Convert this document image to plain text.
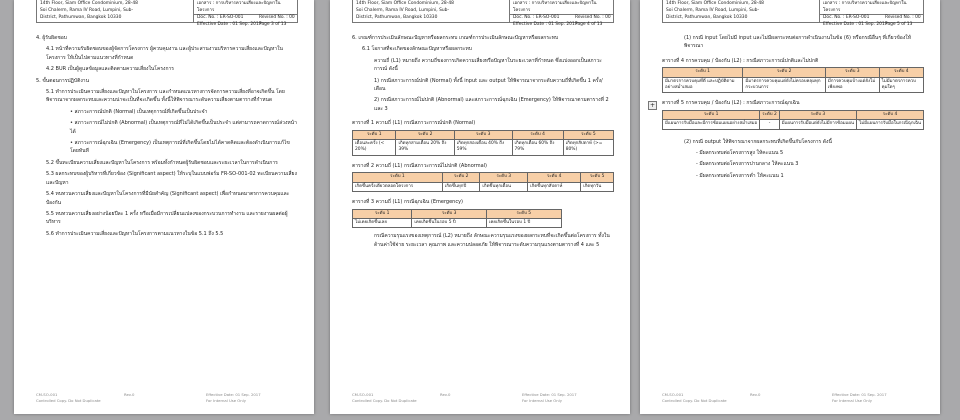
14th Floor, Siam Office Condominium, 28-48
Soi Chalerm, Rama IV Road, Lumpini, Sub-
District, Pathumwan, Bangkok 10330
เอกสาร : การบริหารความเสี่ยงและปัญหาในโครงการ
Doc. No. : ER-SO-001
Effective Date : 01 Sep. 2017
Revised No. : 00
Page 3 of 13

4. ผู้รับผิดชอบ

4.1 หน้าที่ความรับผิดชอบของผู้จัดการโครงการ ผู้ควบคุมงาน และผู้ประสานงานบริหารความเสี่ยงและปัญหาในโครงการ ให้เป็นไปตามแนวทางที่กำหนด

4.2 BUR เป็นผู้ดูแลข้อมูลและติดตามความเสี่ยงในโครงการ

5. ขั้นตอนการปฏิบัติงาน

5.1 ทำการประเมินความเสี่ยงและปัญหาในโครงการ และกำหนดแนวทางการจัดการความเสี่ยงที่อาจเกิดขึ้น โดยพิจารณาจากผลกระทบและความน่าจะเป็นที่จะเกิดขึ้น ทั้งนี้ให้พิจารณาระดับความเสี่ยงตามตารางที่กำหนด

• สภาวะการณ์ปกติ (Normal) เป็นเหตุการณ์ที่เกิดขึ้นเป็นประจำ

• สภาวะการณ์ไม่ปกติ (Abnormal) เป็นเหตุการณ์ที่ไม่ได้เกิดขึ้นเป็นประจำ แต่สามารถคาดการณ์ล่วงหน้าได้

• สภาวะการณ์ฉุกเฉิน (Emergency) เป็นเหตุการณ์ที่เกิดขึ้นโดยไม่ได้คาดคิดและต้องดำเนินการแก้ไขโดยทันที

5.2 ขึ้นทะเบียนความเสี่ยงและปัญหาในโครงการ พร้อมทั้งกำหนดผู้รับผิดชอบและระยะเวลาในการดำเนินการ

5.3 ผลกระทบของผู้บริหารที่เกี่ยวข้อง (Significant aspect) ให้ระบุในแบบฟอร์ม FR-SO-001-02 ทะเบียนความเสี่ยงและปัญหา

5.4 ทบทวนความเสี่ยงและปัญหาในโครงการที่มีนัยสำคัญ (Significant aspect) เพื่อกำหนดมาตรการควบคุมและป้องกัน

5.5 ทบทวนความเสี่ยงอย่างน้อยปีละ 1 ครั้ง หรือเมื่อมีการเปลี่ยนแปลงของกระบวนการทำงาน และรายงานผลต่อผู้บริหาร

5.6 ทำการประเมินความเสี่ยงและปัญหาในโครงการตามแนวทางในข้อ 5.1 ถึง 5.5

CM-SO-001
Controlled Copy. Do Not Duplicate
Rev.0	Effective Date: 01 Sep. 2017
For Internal Use Only
14th Floor, Siam Office Condominium, 28-48
Soi Chalerm, Rama IV Road, Lumpini, Sub-
District, Pathumwan, Bangkok 10330
เอกสาร : การบริหารความเสี่ยงและปัญหาในโครงการ
Doc. No. : ER-SO-001
Effective Date : 01 Sep. 2017
Revised No. : 00
Page 4 of 13

6. เกณฑ์การประเมินลักษณะปัญหาหรือผลกระทบ เกณฑ์การประเมินลักษณะปัญหาหรือผลกระทบ

6.1 โอกาสที่จะเกิดของลักษณะปัญหาหรือผลกระทบ

ความถี่ (L1) หมายถึง ความถี่ของการเกิดความเสี่ยงหรือปัญหาในระยะเวลาที่กำหนด ซึ่งแบ่งออกเป็นสภาวะการณ์ ดังนี้

1) กรณีสภาวะการณ์ปกติ (Normal) ทั้งนี้ input และ output ให้พิจารณาจากระดับความถี่ที่เกิดขึ้น 1 ครั้ง/เดือน

2) กรณีสภาวะการณ์ไม่ปกติ (Abnormal) และสภาวะการณ์ฉุกเฉิน (Emergency) ให้พิจารณาตามตารางที่ 2 และ 3

ตารางที่ 1 ความถี่ (L1) กรณีสภาวะการณ์ปกติ (Normal)
ระดับ 1	ระดับ 2	ระดับ 3	ระดับ 4	ระดับ 5
เดือนละครั้ง (< 20%)	เกิดทุกสามเดือน 20% ถึง 39%	เกิดทุกสองเดือน 40% ถึง 59%	เกิดทุกเดือน 60% ถึง 79%	เกิดทุกสัปดาห์ (>= 80%)
ตารางที่ 2 ความถี่ (L1) กรณีสภาวะการณ์ไม่ปกติ (Abnormal)
ระดับ 1	ระดับ 2	ระดับ 3	ระดับ 4	ระดับ 5
เกิดขึ้นครั้งเดียวตลอดโครงการ	เกิดขึ้นทุกปี	เกิดขึ้นทุกเดือน	เกิดขึ้นทุกสัปดาห์	เกิดทุกวัน
ตารางที่ 3 ความถี่ (L1) กรณีฉุกเฉิน (Emergency)
ระดับ 1	ระดับ 3	ระดับ 5
ไม่เคยเกิดขึ้นเลย	เคยเกิดขึ้นในรอบ 5 ปี	เคยเกิดขึ้นในรอบ 1 ปี

กรณีความรุนแรงของเหตุการณ์ (L2) หมายถึง ลักษณะความรุนแรงของผลกระทบที่จะเกิดขึ้นต่อโครงการ ทั้งในด้านค่าใช้จ่าย ระยะเวลา คุณภาพ และความปลอดภัย ให้พิจารณาระดับความรุนแรงตามตารางที่ 4 และ 5

CM-SO-001
Controlled Copy. Do Not Duplicate
Rev.0	Effective Date: 01 Sep. 2017
For Internal Use Only
14th Floor, Siam Office Condominium, 28-48
Soi Chalerm, Rama IV Road, Lumpini, Sub-
District, Pathumwan, Bangkok 10330
เอกสาร : การบริหารความเสี่ยงและปัญหาในโครงการ
Doc. No. : ER-SO-001
Effective Date : 01 Sep. 2017
Revised No. : 00
Page 5 of 13

(1) กรณี input โดยไม่มี input และไม่มีผลกระทบต่อการดำเนินงานในข้อ (6) หรือกรณีอื่นๆ ที่เกี่ยวข้องให้พิจารณา

ตารางที่ 4 การควบคุม / ป้องกัน (L2) : กรณีสภาวะการณ์ปกติและไม่ปกติ
ระดับ 1	ระดับ 2	ระดับ 3	ระดับ 4
มีมาตรการควบคุมที่ดี และปฏิบัติตามอย่างสม่ำเสมอ	มีมาตรการควบคุมแต่ยังไม่ครอบคลุมทุกกระบวนการ	มีการควบคุมบ้างแต่ยังไม่เพียงพอ	ไม่มีมาตรการควบคุมใดๆ
+	ตารางที่ 5 การควบคุม / ป้องกัน (L2) : กรณีสภาวะการณ์ฉุกเฉิน
ระดับ 1	ระดับ 2	ระดับ 3	ระดับ 4
มีแผนการรับมือและมีการซ้อมแผนอย่างสม่ำเสมอ	-	มีแผนการรับมือแต่ยังไม่มีการซ้อมแผน	ไม่มีแผนการรับมือในกรณีฉุกเฉิน

(2) กรณี output ให้พิจารณาจากผลกระทบที่เกิดขึ้นกับโครงการ ดังนี้

- มีผลกระทบต่อโครงการสูง ให้คะแนน 5

- มีผลกระทบต่อโครงการปานกลาง ให้คะแนน 3

- มีผลกระทบต่อโครงการต่ำ ให้คะแนน 1

CM-SO-001
Controlled Copy. Do Not Duplicate
Rev.0	Effective Date: 01 Sep. 2017
For Internal Use Only
